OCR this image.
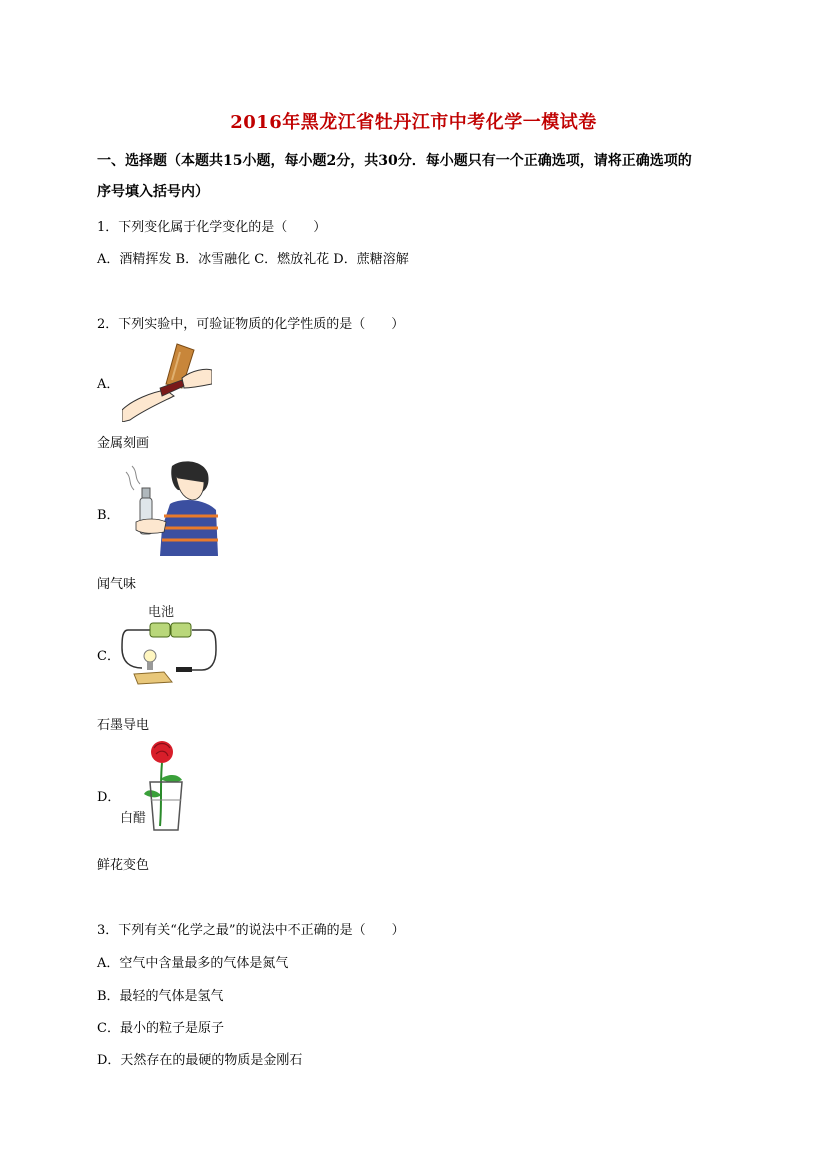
2016年黑龙江省牡丹江市中考化学一模试卷
一、选择题（本题共15小题，每小题2分，共30分．每小题只有一个正确选项，请将正确选项的
序号填入括号内）
1．下列变化属于化学变化的是（　　）
A．酒精挥发 B．冰雪融化 C．燃放礼花 D．蔗糖溶解
2．下列实验中，可验证物质的化学性质的是（　　）
A．
金属刻画
B．
闻气味
C．
电池
石墨导电
D．
白醋
鲜花变色
3．下列有关“化学之最”的说法中不正确的是（　　）
A．空气中含量最多的气体是氮气
B．最轻的气体是氢气
C．最小的粒子是原子
D．天然存在的最硬的物质是金刚石
